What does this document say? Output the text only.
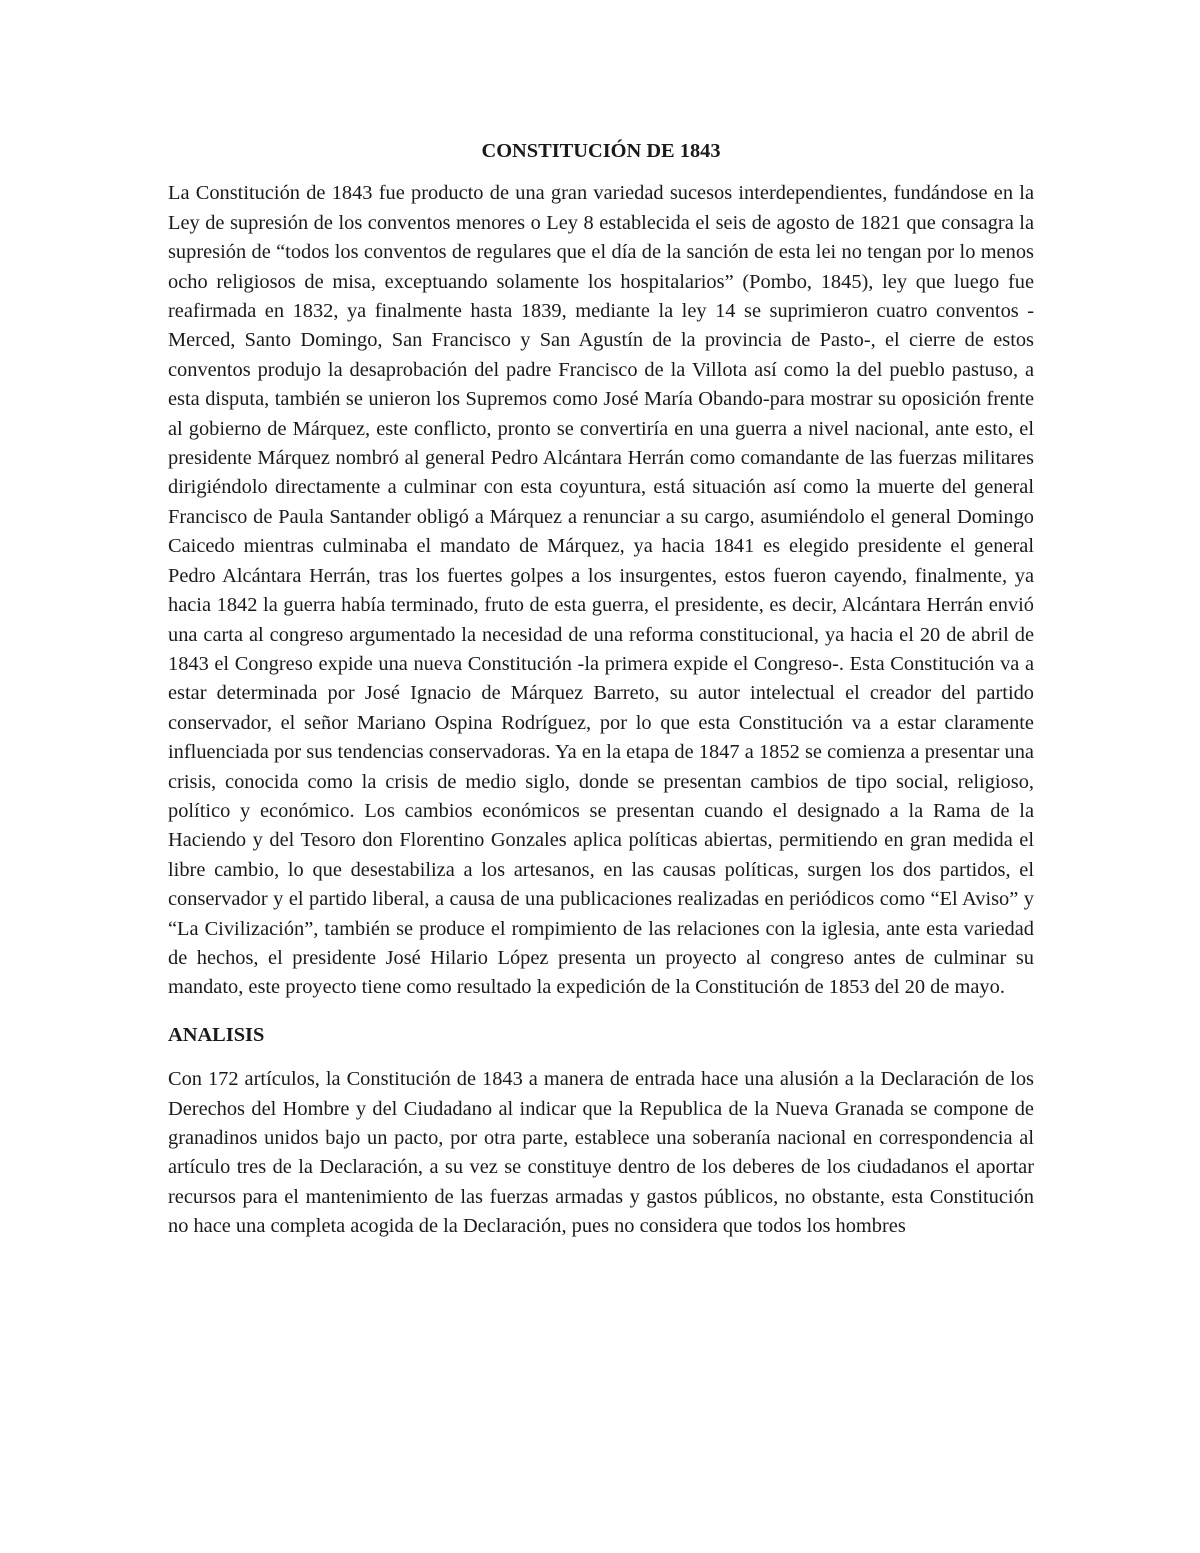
CONSTITUCIÓN DE 1843

La Constitución de 1843 fue producto de una gran variedad sucesos interdependientes, fundándose en la Ley de supresión de los conventos menores o Ley 8 establecida el seis de agosto de 1821 que consagra la supresión de “todos los conventos de regulares que el día de la sanción de esta lei no tengan por lo menos ocho religiosos de misa, exceptuando solamente los hospitalarios” (Pombo, 1845), ley que luego fue reafirmada en 1832, ya finalmente hasta 1839, mediante la ley 14 se suprimieron cuatro conventos -Merced, Santo Domingo, San Francisco y San Agustín de la provincia de Pasto-, el cierre de estos conventos produjo la desaprobación del padre Francisco de la Villota así como la del pueblo pastuso, a esta disputa, también se unieron los Supremos como José María Obando-para mostrar su oposición frente al gobierno de Márquez, este conflicto, pronto se convertiría en una guerra a nivel nacional, ante esto, el presidente Márquez nombró al general Pedro Alcántara Herrán como comandante de las fuerzas militares dirigiéndolo directamente a culminar con esta coyuntura, está situación así como la muerte del general Francisco de Paula Santander obligó a Márquez a renunciar a su cargo, asumiéndolo el general Domingo Caicedo mientras culminaba el mandato de Márquez, ya hacia 1841 es elegido presidente el general Pedro Alcántara Herrán, tras los fuertes golpes a los insurgentes, estos fueron cayendo, finalmente, ya hacia 1842 la guerra había terminado, fruto de esta guerra, el presidente, es decir, Alcántara Herrán envió una carta al congreso argumentado la necesidad de una reforma constitucional, ya hacia el 20 de abril de 1843 el Congreso expide una nueva Constitución -la primera expide el Congreso-. Esta Constitución va a estar determinada por José Ignacio de Márquez Barreto, su autor intelectual el creador del partido conservador, el señor Mariano Ospina Rodríguez, por lo que esta Constitución va a estar claramente influenciada por sus tendencias conservadoras. Ya en la etapa de 1847 a 1852 se comienza a presentar una crisis, conocida como la crisis de medio siglo, donde se presentan cambios de tipo social, religioso, político y económico. Los cambios económicos se presentan cuando el designado a la Rama de la Haciendo y del Tesoro don Florentino Gonzales aplica políticas abiertas, permitiendo en gran medida el libre cambio, lo que desestabiliza a los artesanos, en las causas políticas, surgen los dos partidos, el conservador y el partido liberal, a causa de una publicaciones realizadas en periódicos como “El Aviso” y “La Civilización”, también se produce el rompimiento de las relaciones con la iglesia, ante esta variedad de hechos, el presidente José Hilario López presenta un proyecto al congreso antes de culminar su mandato, este proyecto tiene como resultado la expedición de la Constitución de 1853 del 20 de mayo.

ANALISIS

Con 172 artículos, la Constitución de 1843 a manera de entrada hace una alusión a la Declaración de los Derechos del Hombre y del Ciudadano al indicar que la Republica de la Nueva Granada se compone de granadinos unidos bajo un pacto, por otra parte, establece una soberanía nacional en correspondencia al artículo tres de la Declaración, a su vez se constituye dentro de los deberes de los ciudadanos el aportar recursos para el mantenimiento de las fuerzas armadas y gastos públicos, no obstante, esta Constitución no hace una completa acogida de la Declaración, pues no considera que todos los hombres
